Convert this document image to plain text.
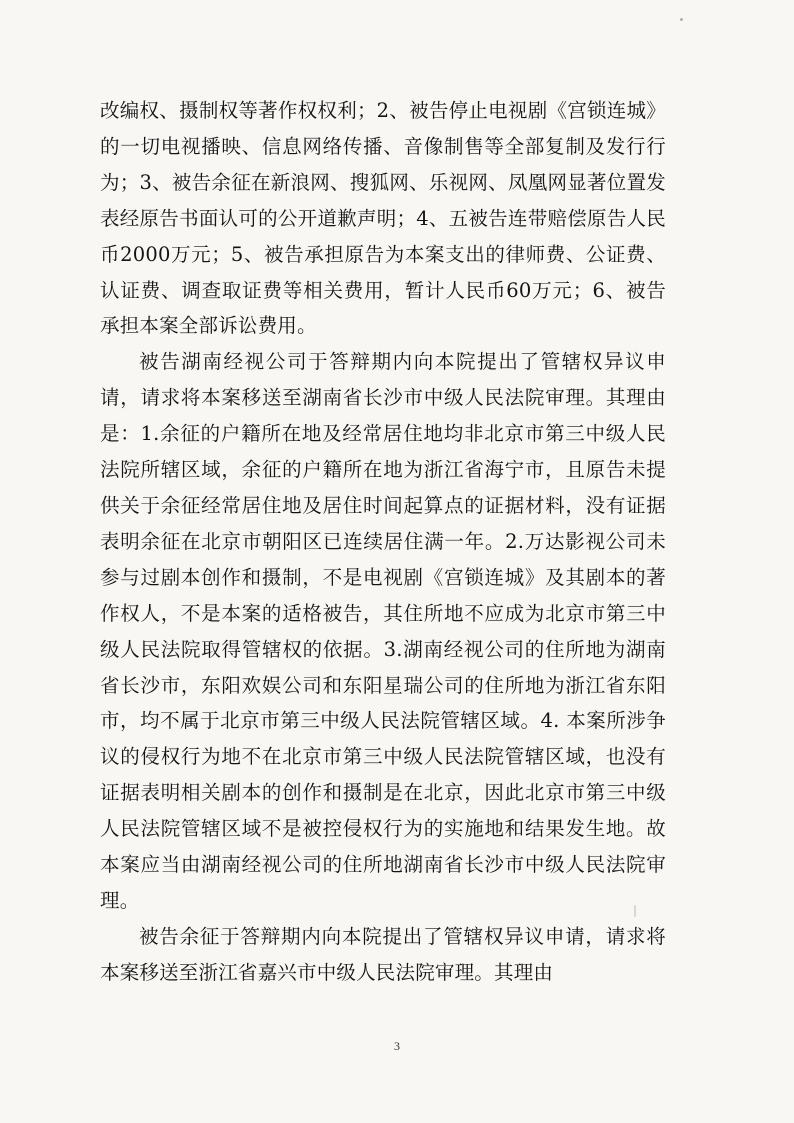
改编权、摄制权等著作权权利；2、被告停止电视剧《宫锁连城》的一切电视播映、信息网络传播、音像制售等全部复制及发行行为；3、被告余征在新浪网、搜狐网、乐视网、凤凰网显著位置发表经原告书面认可的公开道歉声明；4、五被告连带赔偿原告人民币2000万元；5、被告承担原告为本案支出的律师费、公证费、认证费、调查取证费等相关费用，暂计人民币60万元；6、被告承担本案全部诉讼费用。

被告湖南经视公司于答辩期内向本院提出了管辖权异议申请，请求将本案移送至湖南省长沙市中级人民法院审理。其理由是：1.余征的户籍所在地及经常居住地均非北京市第三中级人民法院所辖区域，余征的户籍所在地为浙江省海宁市，且原告未提供关于余征经常居住地及居住时间起算点的证据材料，没有证据表明余征在北京市朝阳区已连续居住满一年。2.万达影视公司未参与过剧本创作和摄制，不是电视剧《宫锁连城》及其剧本的著作权人，不是本案的适格被告，其住所地不应成为北京市第三中级人民法院取得管辖权的依据。3.湖南经视公司的住所地为湖南省长沙市，东阳欢娱公司和东阳星瑞公司的住所地为浙江省东阳市，均不属于北京市第三中级人民法院管辖区域。4. 本案所涉争议的侵权行为地不在北京市第三中级人民法院管辖区域，也没有证据表明相关剧本的创作和摄制是在北京，因此北京市第三中级人民法院管辖区域不是被控侵权行为的实施地和结果发生地。故本案应当由湖南经视公司的住所地湖南省长沙市中级人民法院审理。

被告余征于答辩期内向本院提出了管辖权异议申请，请求将本案移送至浙江省嘉兴市中级人民法院审理。其理由

3
